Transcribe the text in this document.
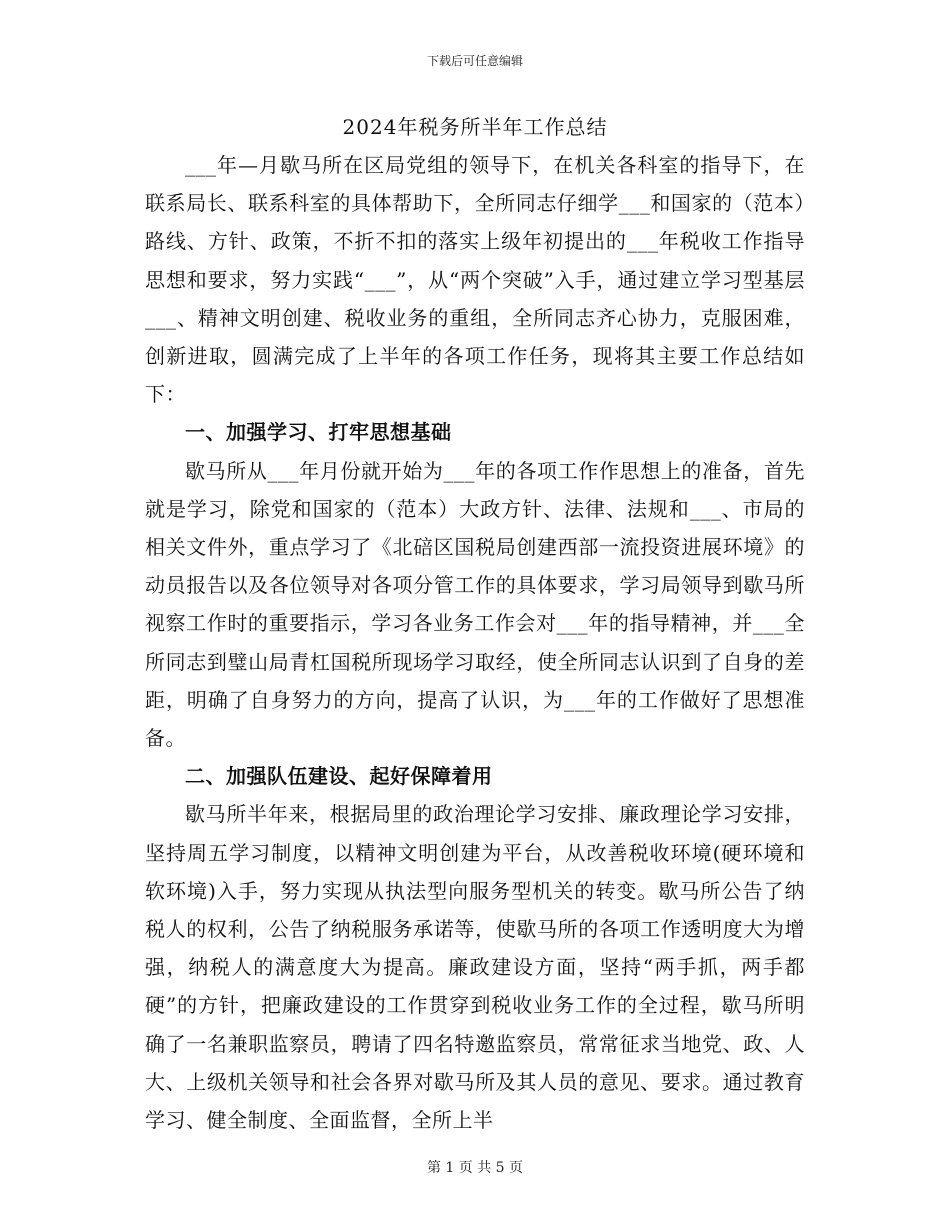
下载后可任意编辑
2024年税务所半年工作总结

___年—月歇马所在区局党组的领导下，在机关各科室的指导下，在联系局长、联系科室的具体帮助下，全所同志仔细学___和国家的（范本）路线、方针、政策，不折不扣的落实上级年初提出的___年税收工作指导思想和要求，努力实践“___”，从“两个突破”入手，通过建立学习型基层___、精神文明创建、税收业务的重组，全所同志齐心协力，克服困难，创新进取，圆满完成了上半年的各项工作任务，现将其主要工作总结如下：

一、加强学习、打牢思想基础

歇马所从___年月份就开始为___年的各项工作作思想上的准备，首先就是学习，除党和国家的（范本）大政方针、法律、法规和___、市局的相关文件外，重点学习了《北碚区国税局创建西部一流投资进展环境》的动员报告以及各位领导对各项分管工作的具体要求，学习局领导到歇马所视察工作时的重要指示，学习各业务工作会对___年的指导精神，并___全所同志到璧山局青杠国税所现场学习取经，使全所同志认识到了自身的差距，明确了自身努力的方向，提高了认识，为___年的工作做好了思想准备。

二、加强队伍建设、起好保障着用

歇马所半年来，根据局里的政治理论学习安排、廉政理论学习安排，坚持周五学习制度，以精神文明创建为平台，从改善税收环境(硬环境和软环境)入手，努力实现从执法型向服务型机关的转变。歇马所公告了纳税人的权利，公告了纳税服务承诺等，使歇马所的各项工作透明度大为增强，纳税人的满意度大为提高。廉政建设方面，坚持“两手抓，两手都硬”的方针，把廉政建设的工作贯穿到税收业务工作的全过程，歇马所明确了一名兼职监察员，聘请了四名特邀监察员，常常征求当地党、政、人大、上级机关领导和社会各界对歇马所及其人员的意见、要求。通过教育学习、健全制度、全面监督，全所上半

第 1 页 共 5 页
